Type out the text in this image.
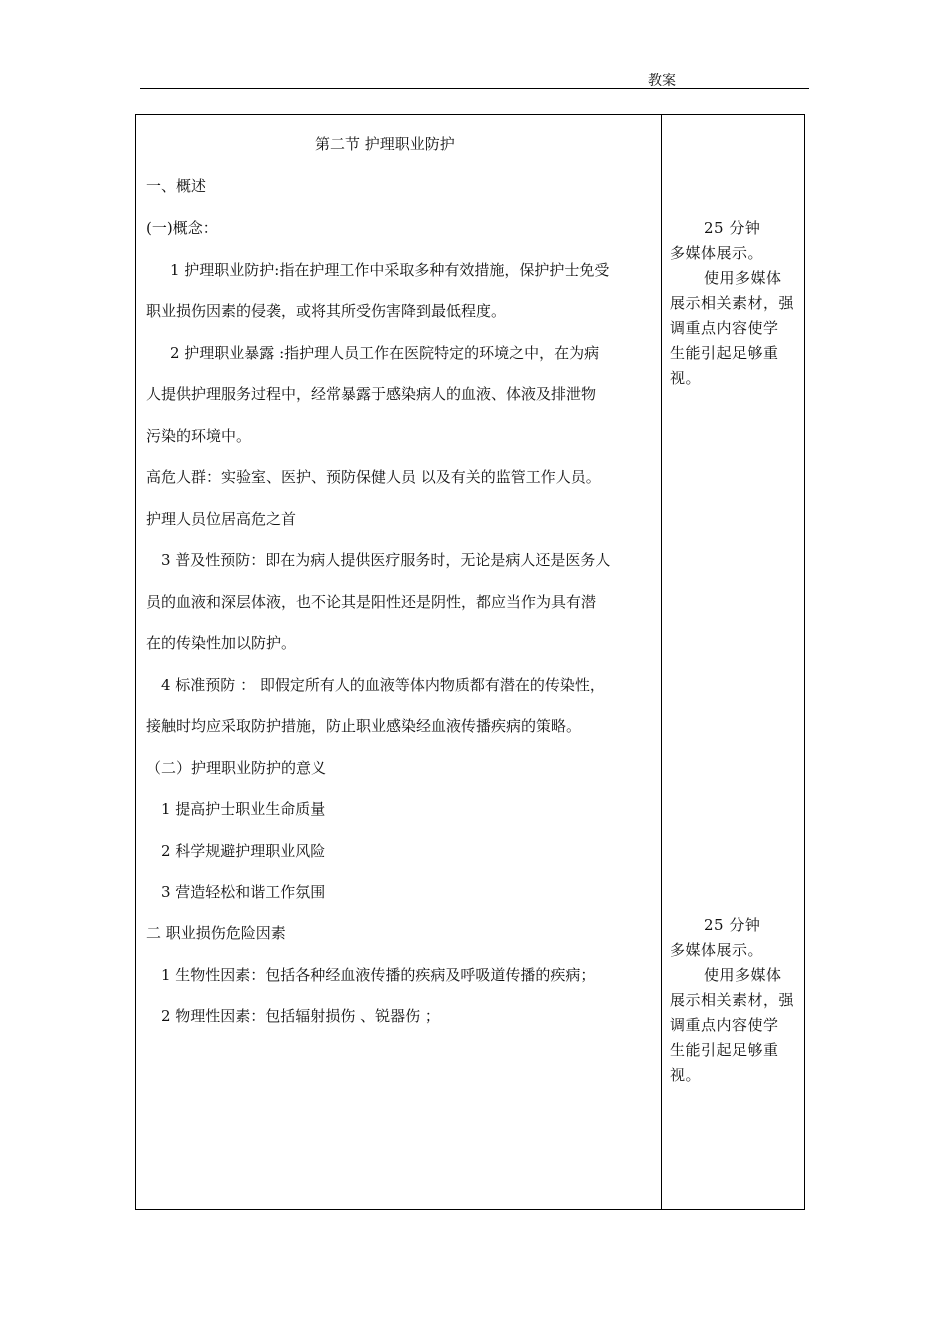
教案
第二节 护理职业防护
一、概述
(一)概念：
1 护理职业防护:指在护理工作中采取多种有效措施，保护护士免受
职业损伤因素的侵袭，或将其所受伤害降到最低程度。
2 护理职业暴露 :指护理人员工作在医院特定的环境之中，在为病
人提供护理服务过程中，经常暴露于感染病人的血液、体液及排泄物
污染的环境中。
高危人群：实验室、医护、预防保健人员 以及有关的监管工作人员。
护理人员位居高危之首
3 普及性预防：即在为病人提供医疗服务时，无论是病人还是医务人
员的血液和深层体液，也不论其是阳性还是阴性，都应当作为具有潜
在的传染性加以防护。
4 标准预防 ： 即假定所有人的血液等体内物质都有潜在的传染性，
接触时均应采取防护措施，防止职业感染经血液传播疾病的策略。
（二）护理职业防护的意义
1 提高护士职业生命质量
2 科学规避护理职业风险
3 营造轻松和谐工作氛围
二 职业损伤危险因素
1 生物性因素：包括各种经血液传播的疾病及呼吸道传播的疾病；
2 物理性因素：包括辐射损伤 、锐器伤 ；
25 分钟
多媒体展示。
使用多媒体
展示相关素材，强
调重点内容使学
生能引起足够重
视。
25 分钟
多媒体展示。
使用多媒体
展示相关素材，强
调重点内容使学
生能引起足够重
视。
